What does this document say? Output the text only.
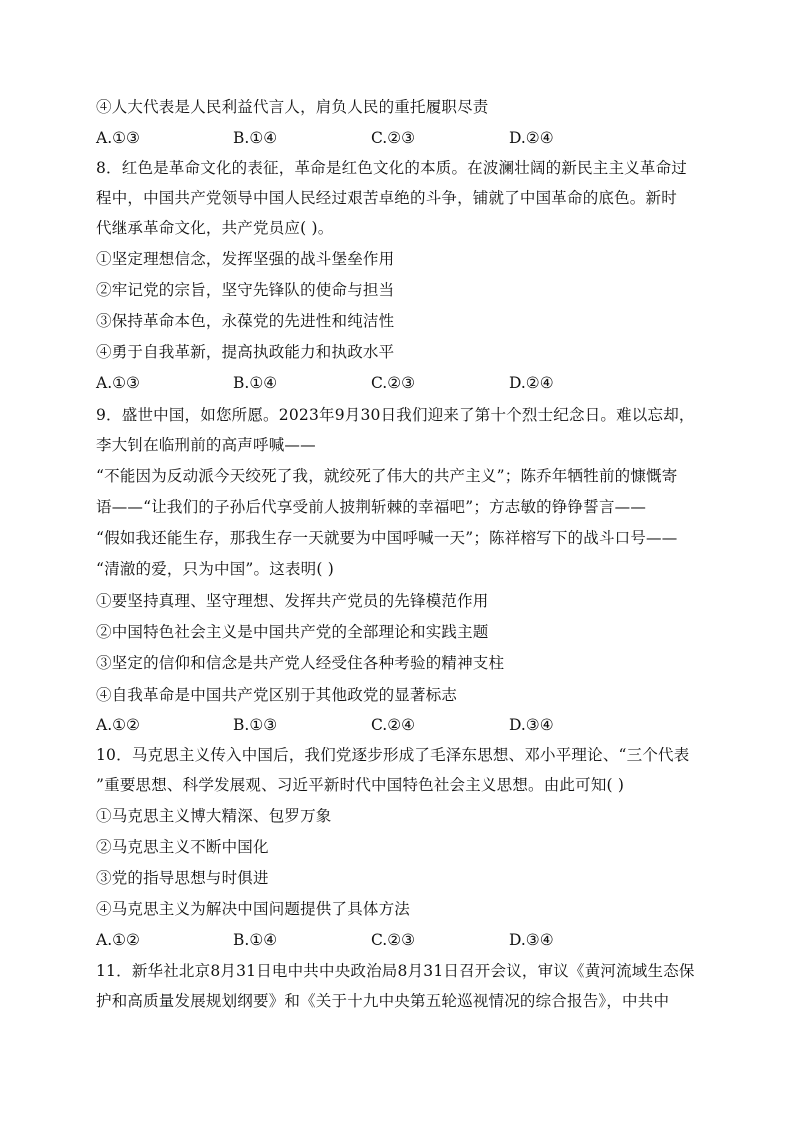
④人大代表是人民利益代言人，肩负人民的重托履职尽责
A.①③	B.①④	C.②③	D.②④
8．红色是革命文化的表征，革命是红色文化的本质。在波澜壮阔的新民主主义革命过
程中，中国共产党领导中国人民经过艰苦卓绝的斗争，铺就了中国革命的底色。新时
代继承革命文化，共产党员应( )。
①坚定理想信念，发挥坚强的战斗堡垒作用
②牢记党的宗旨，坚守先锋队的使命与担当
③保持革命本色，永葆党的先进性和纯洁性
④勇于自我革新，提高执政能力和执政水平
A.①③	B.①④	C.②③	D.②④
9．盛世中国，如您所愿。2023年9月30日我们迎来了第十个烈士纪念日。难以忘却，
李大钊在临刑前的高声呼喊——
“不能因为反动派今天绞死了我，就绞死了伟大的共产主义”；陈乔年牺牲前的慷慨寄
语——“让我们的子孙后代享受前人披荆斩棘的幸福吧”；方志敏的铮铮誓言——
“假如我还能生存，那我生存一天就要为中国呼喊一天”；陈祥榕写下的战斗口号——
“清澈的爱，只为中国”。这表明( )
①要坚持真理、坚守理想、发挥共产党员的先锋模范作用
②中国特色社会主义是中国共产党的全部理论和实践主题
③坚定的信仰和信念是共产党人经受住各种考验的精神支柱
④自我革命是中国共产党区别于其他政党的显著标志
A.①②	B.①③	C.②④	D.③④
10．马克思主义传入中国后，我们党逐步形成了毛泽东思想、邓小平理论、“三个代表
”重要思想、科学发展观、习近平新时代中国特色社会主义思想。由此可知( )
①马克思主义博大精深、包罗万象
②马克思主义不断中国化
③党的指导思想与时俱进
④马克思主义为解决中国问题提供了具体方法
A.①②	B.①④	C.②③	D.③④
11．新华社北京8月31日电中共中央政治局8月31日召开会议，审议《黄河流域生态保
护和高质量发展规划纲要》和《关于十九中央第五轮巡视情况的综合报告》，中共中
